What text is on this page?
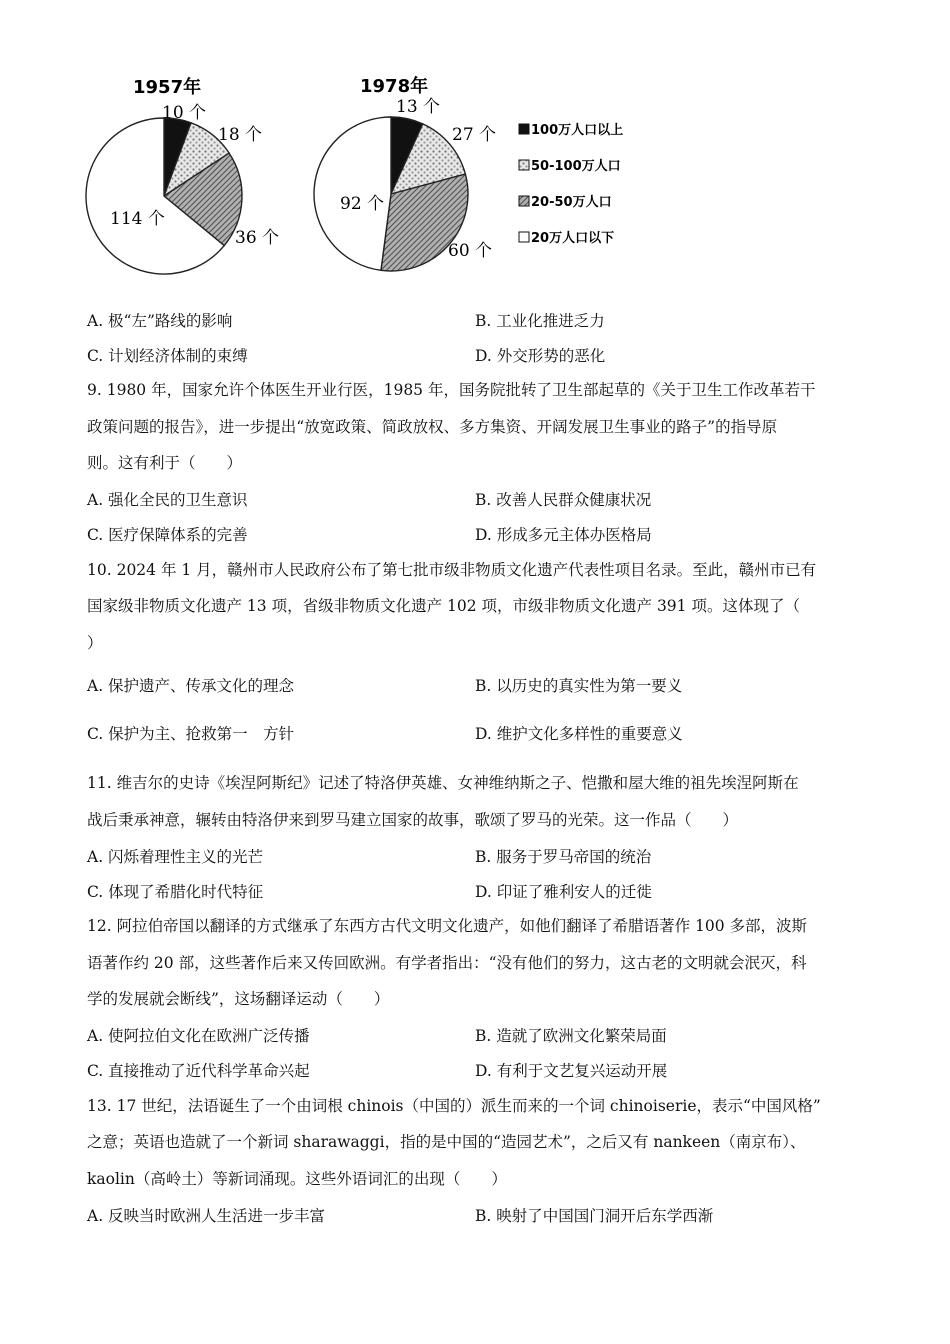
1957年
10 个
18 个
36 个
114 个
1978年
13 个
27 个
60 个
92 个
100万人口以上
50-100万人口
20-50万人口
20万人口以下
A. 极“左”路线的影响	B. 工业化推进乏力
C. 计划经济体制的束缚	D. 外交形势的恶化

9. 1980 年，国家允许个体医生开业行医，1985 年，国务院批转了卫生部起草的《关于卫生工作改革若干

政策问题的报告》，进一步提出“放宽政策、简政放权、多方集资、开阔发展卫生事业的路子”的指导原

则。这有利于（　　）

A. 强化全民的卫生意识	B. 改善人民群众健康状况
C. 医疗保障体系的完善	D. 形成多元主体办医格局

10. 2024 年 1 月，赣州市人民政府公布了第七批市级非物质文化遗产代表性项目名录。至此，赣州市已有

国家级非物质文化遗产 13 项，省级非物质文化遗产 102 项，市级非物质文化遗产 391 项。这体现了（

）

A. 保护遗产、传承文化的理念	B. 以历史的真实性为第一要义
C. 保护为主、抢救第一　方针	D. 维护文化多样性的重要意义

11. 维吉尔的史诗《埃涅阿斯纪》记述了特洛伊英雄、女神维纳斯之子、恺撒和屋大维的祖先埃涅阿斯在

战后秉承神意，辗转由特洛伊来到罗马建立国家的故事，歌颂了罗马的光荣。这一作品（　　）

A. 闪烁着理性主义的光芒	B. 服务于罗马帝国的统治
C. 体现了希腊化时代特征	D. 印证了雅利安人的迁徙

12. 阿拉伯帝国以翻译的方式继承了东西方古代文明文化遗产，如他们翻译了希腊语著作 100 多部，波斯

语著作约 20 部，这些著作后来又传回欧洲。有学者指出：“没有他们的努力，这古老的文明就会泯灭，科

学的发展就会断线”，这场翻译运动（　　）

A. 使阿拉伯文化在欧洲广泛传播	B. 造就了欧洲文化繁荣局面
C. 直接推动了近代科学革命兴起	D. 有利于文艺复兴运动开展

13. 17 世纪，法语诞生了一个由词根 chinois（中国的）派生而来的一个词 chinoiserie，表示“中国风格”

之意；英语也造就了一个新词 sharawaggi，指的是中国的“造园艺术”，之后又有 nankeen（南京布）、

kaolin（高岭土）等新词涌现。这些外语词汇的出现（　　）

A. 反映当时欧洲人生活进一步丰富	B. 映射了中国国门洞开后东学西渐
